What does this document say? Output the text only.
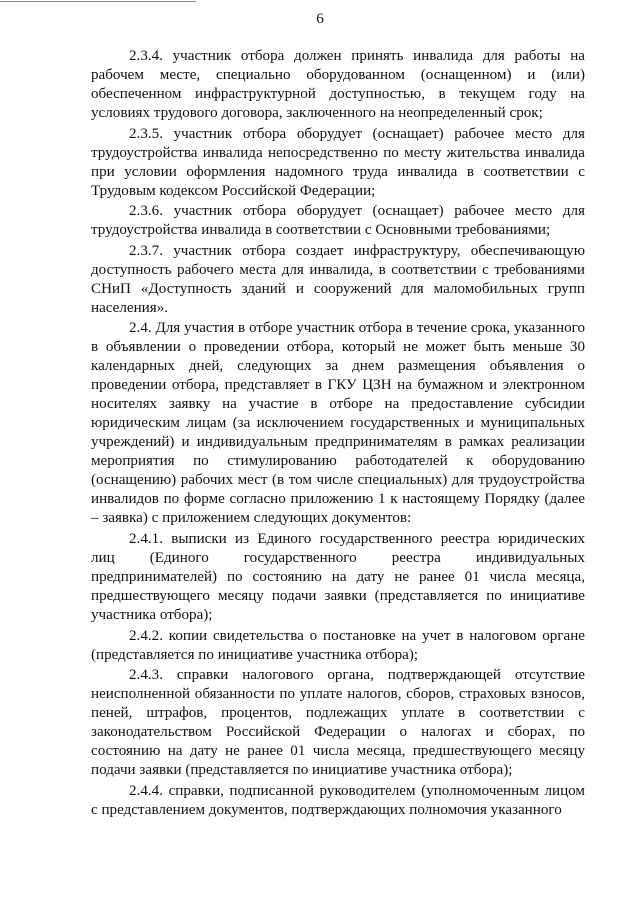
6

2.3.4. участник отбора должен принять инвалида для работы на рабочем месте, специально оборудованном (оснащенном) и (или) обеспеченном инфраструктурной доступностью, в текущем году на условиях трудового договора, заключенного на неопределенный срок;

2.3.5. участник отбора оборудует (оснащает) рабочее место для трудоустройства инвалида непосредственно по месту жительства инвалида при условии оформления надомного труда инвалида в соответствии с Трудовым кодексом Российской Федерации;

2.3.6. участник отбора оборудует (оснащает) рабочее место для трудоустройства инвалида в соответствии с Основными требованиями;

2.3.7. участник отбора создает инфраструктуру, обеспечивающую доступность рабочего места для инвалида, в соответствии с требованиями СНиП «Доступность зданий и сооружений для маломобильных групп населения».

2.4. Для участия в отборе участник отбора в течение срока, указанного в объявлении о проведении отбора, который не может быть меньше 30 календарных дней, следующих за днем размещения объявления о проведении отбора, представляет в ГКУ ЦЗН на бумажном и электронном носителях заявку на участие в отборе на предоставление субсидии юридическим лицам (за исключением государственных и муниципальных учреждений) и индивидуальным предпринимателям в рамках реализации мероприятия по стимулированию работодателей к оборудованию (оснащению) рабочих мест (в том числе специальных) для трудоустройства инвалидов по форме согласно приложению 1 к настоящему Порядку (далее – заявка) с приложением следующих документов:

2.4.1. выписки из Единого государственного реестра юридических лиц (Единого государственного реестра индивидуальных предпринимателей) по состоянию на дату не ранее 01 числа месяца, предшествующего месяцу подачи заявки (представляется по инициативе участника отбора);

2.4.2. копии свидетельства о постановке на учет в налоговом органе (представляется по инициативе участника отбора);

2.4.3. справки налогового органа, подтверждающей отсутствие неисполненной обязанности по уплате налогов, сборов, страховых взносов, пеней, штрафов, процентов, подлежащих уплате в соответствии с законодательством Российской Федерации о налогах и сборах, по состоянию на дату не ранее 01 числа месяца, предшествующего месяцу подачи заявки (представляется по инициативе участника отбора);

2.4.4. справки, подписанной руководителем (уполномоченным лицом с представлением документов, подтверждающих полномочия указанного
